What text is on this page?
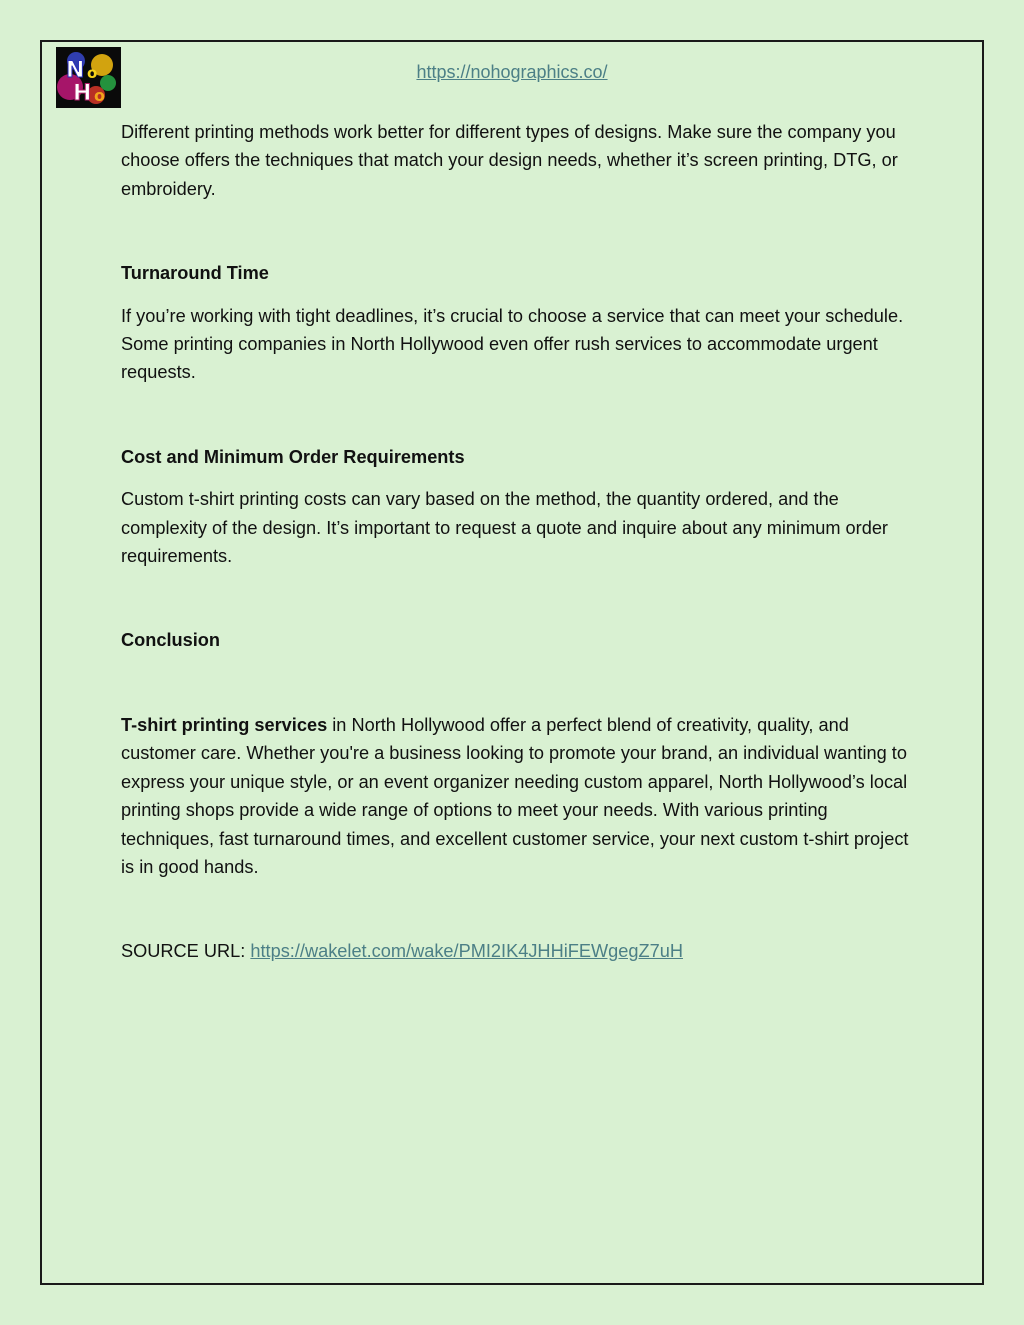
N o
H o
https://nohographics.co/

Different printing methods work better for different types of designs. Make sure the company you choose offers the techniques that match your design needs, whether it’s screen printing, DTG, or embroidery.

Turnaround Time

If you’re working with tight deadlines, it’s crucial to choose a service that can meet your schedule. Some printing companies in North Hollywood even offer rush services to accommodate urgent requests.

Cost and Minimum Order Requirements

Custom t-shirt printing costs can vary based on the method, the quantity ordered, and the complexity of the design. It’s important to request a quote and inquire about any minimum order requirements.

Conclusion

T-shirt printing services in North Hollywood offer a perfect blend of creativity, quality, and customer care. Whether you're a business looking to promote your brand, an individual wanting to express your unique style, or an event organizer needing custom apparel, North Hollywood’s local printing shops provide a wide range of options to meet your needs. With various printing techniques, fast turnaround times, and excellent customer service, your next custom t-shirt project is in good hands.

SOURCE URL: https://wakelet.com/wake/PMI2IK4JHHiFEWgegZ7uH
